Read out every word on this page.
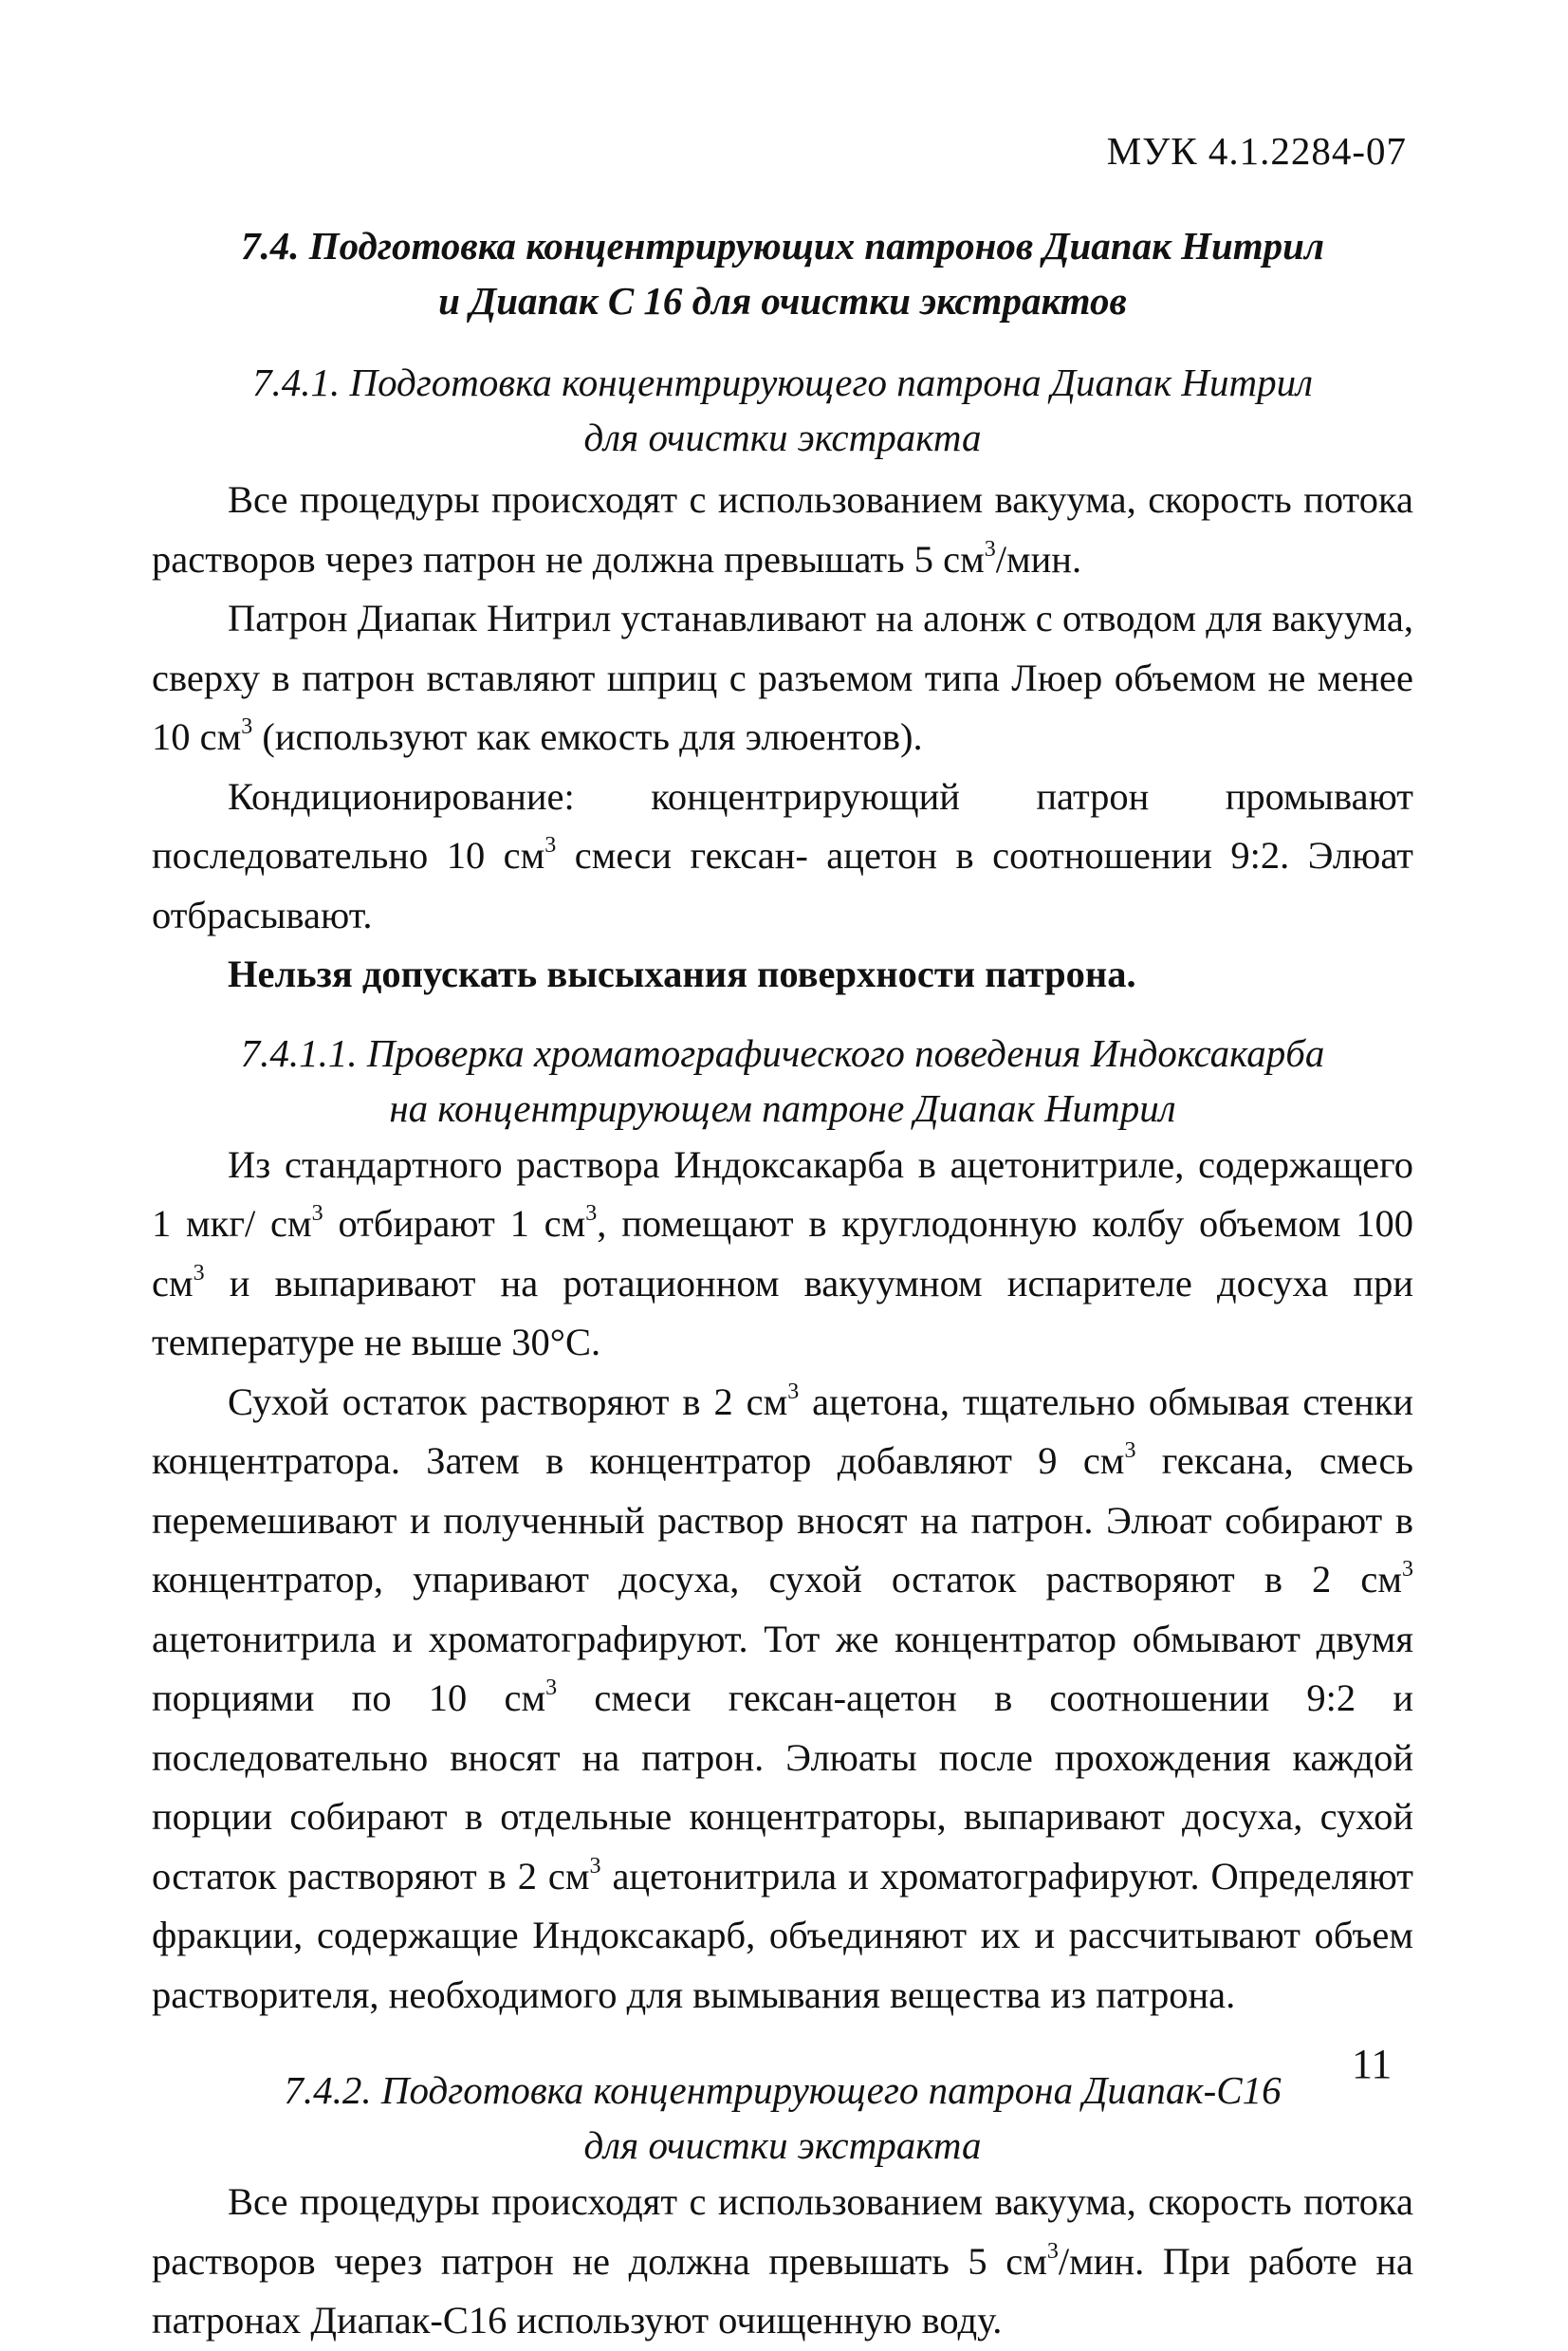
МУК 4.1.2284-07
7.4. Подготовка концентрирующих патронов Диапак Нитрил
и Диапак С 16 для очистки экстрактов
7.4.1. Подготовка концентрирующего патрона Диапак Нитрил
для очистки экстракта

Все процедуры происходят с использованием вакуума, скорость потока растворов через патрон не должна превышать 5 $см^3$/мин.

Патрон Диапак Нитрил устанавливают на алонж с отводом для вакуума, сверху в патрон вставляют шприц с разъемом типа Люер объемом не менее 10 $см^3$ (используют как емкость для элюентов).

Кондиционирование: концентрирующий патрон промывают последовательно 10 $см^3$ смеси гексан- ацетон в соотношении 9:2. Элюат отбрасывают.

Нельзя допускать высыхания поверхности патрона.

7.4.1.1. Проверка хроматографического поведения Индоксакарба
на концентрирующем патроне Диапак Нитрил

Из стандартного раствора Индоксакарба в ацетонитриле, содержащего 1 мкг/ $см^3$ отбирают 1 $см^3$, помещают в круглодонную колбу объемом 100 $см^3$ и выпаривают на ротационном вакуумном испарителе досуха при температуре не выше 30°С.

Сухой остаток растворяют в 2 $см^3$ ацетона, тщательно обмывая стенки концентратора. Затем в концентратор добавляют 9 $см^3$ гексана, смесь перемешивают и полученный раствор вносят на патрон. Элюат собирают в концентратор, упаривают досуха, сухой остаток растворяют в 2 $см^3$ ацетонитрила и хроматографируют. Тот же концентратор обмывают двумя порциями по 10 $см^3$ смеси гексан-ацетон в соотношении 9:2 и последовательно вносят на патрон. Элюаты после прохождения каждой порции собирают в отдельные концентраторы, выпаривают досуха, сухой остаток растворяют в 2 $см^3$ ацетонитрила и хроматографируют. Определяют фракции, содержащие Индоксакарб, объединяют их и рассчитывают объем растворителя, необходимого для вымывания вещества из патрона.

7.4.2. Подготовка концентрирующего патрона Диапак-С16
для очистки экстракта

Все процедуры происходят с использованием вакуума, скорость потока растворов через патрон не должна превышать 5 $см^3$/мин. При работе на патронах Диапак-С16 используют очищенную воду.

11
